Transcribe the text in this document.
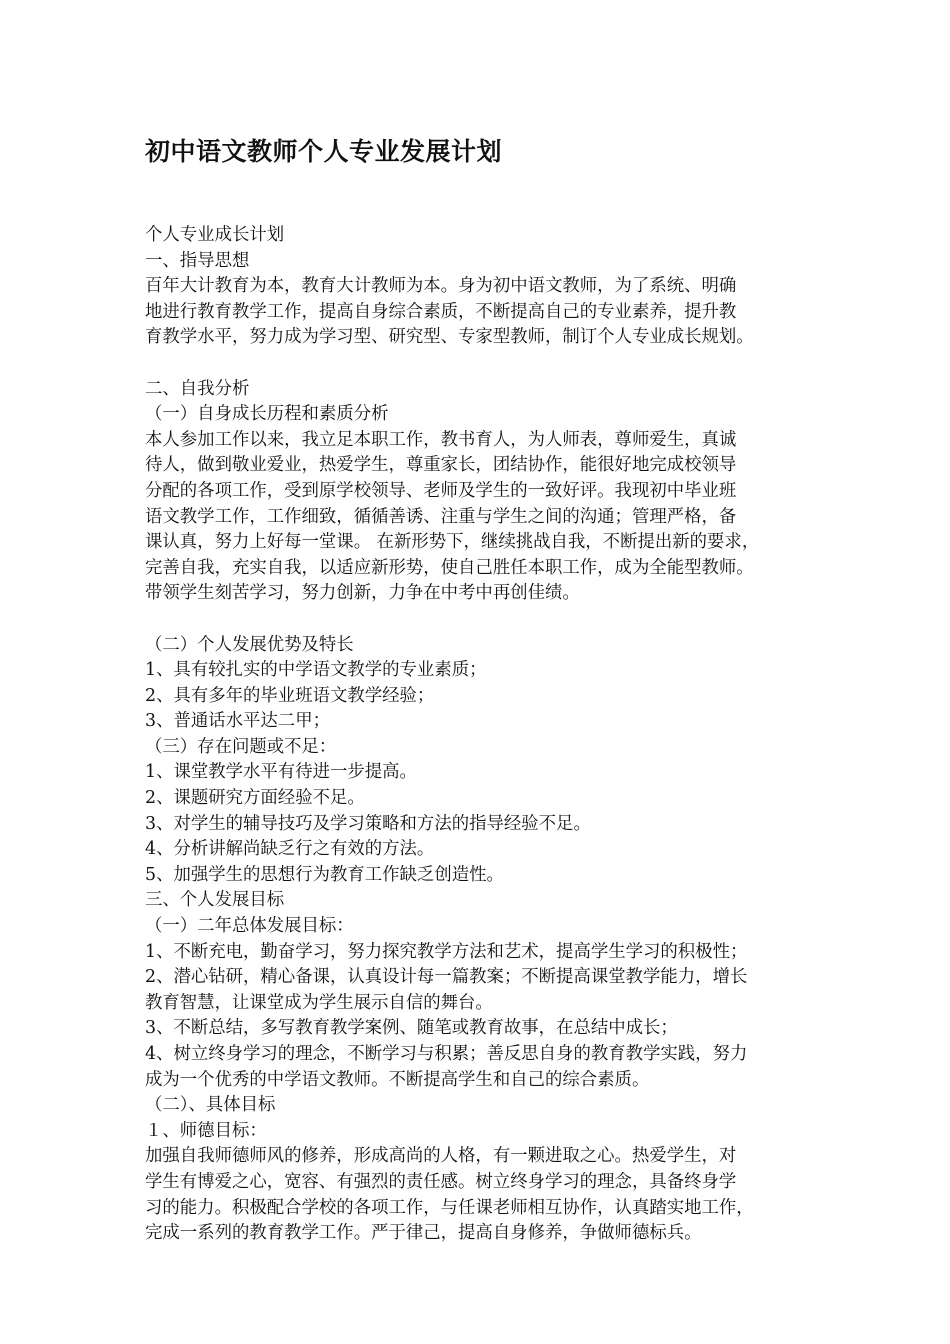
初中语文教师个人专业发展计划
个人专业成长计划
一、指导思想
百年大计教育为本，教育大计教师为本。身为初中语文教师，为了系统、明确
地进行教育教学工作，提高自身综合素质，不断提高自己的专业素养，提升教
育教学水平，努力成为学习型、研究型、专家型教师，制订个人专业成长规划。
二、自我分析
（一）自身成长历程和素质分析
本人参加工作以来，我立足本职工作，教书育人，为人师表，尊师爱生，真诚
待人，做到敬业爱业，热爱学生，尊重家长，团结协作，能很好地完成校领导
分配的各项工作，受到原学校领导、老师及学生的一致好评。我现初中毕业班
语文教学工作，工作细致，循循善诱、注重与学生之间的沟通；管理严格，备
课认真，努力上好每一堂课。 在新形势下，继续挑战自我，不断提出新的要求，
完善自我，充实自我，以适应新形势，使自己胜任本职工作，成为全能型教师。
带领学生刻苦学习，努力创新，力争在中考中再创佳绩。
（二）个人发展优势及特长
1、具有较扎实的中学语文教学的专业素质；
2、具有多年的毕业班语文教学经验；
3、普通话水平达二甲；
（三）存在问题或不足：
1、课堂教学水平有待进一步提高。
2、课题研究方面经验不足。
3、对学生的辅导技巧及学习策略和方法的指导经验不足。
4、分析讲解尚缺乏行之有效的方法。
5、加强学生的思想行为教育工作缺乏创造性。
三、个人发展目标
（一）二年总体发展目标：
1、不断充电，勤奋学习，努力探究教学方法和艺术，提高学生学习的积极性；
2、潜心钻研，精心备课，认真设计每一篇教案；不断提高课堂教学能力，增长
教育智慧，让课堂成为学生展示自信的舞台。
3、不断总结，多写教育教学案例、随笔或教育故事，在总结中成长；
4、树立终身学习的理念，不断学习与积累；善反思自身的教育教学实践，努力
成为一个优秀的中学语文教师。不断提高学生和自己的综合素质。
（二）、具体目标
１、师德目标：
加强自我师德师风的修养，形成高尚的人格，有一颗进取之心。热爱学生，对
学生有博爱之心，宽容、有强烈的责任感。树立终身学习的理念，具备终身学
习的能力。积极配合学校的各项工作，与任课老师相互协作，认真踏实地工作，
完成一系列的教育教学工作。严于律己，提高自身修养，争做师德标兵。
